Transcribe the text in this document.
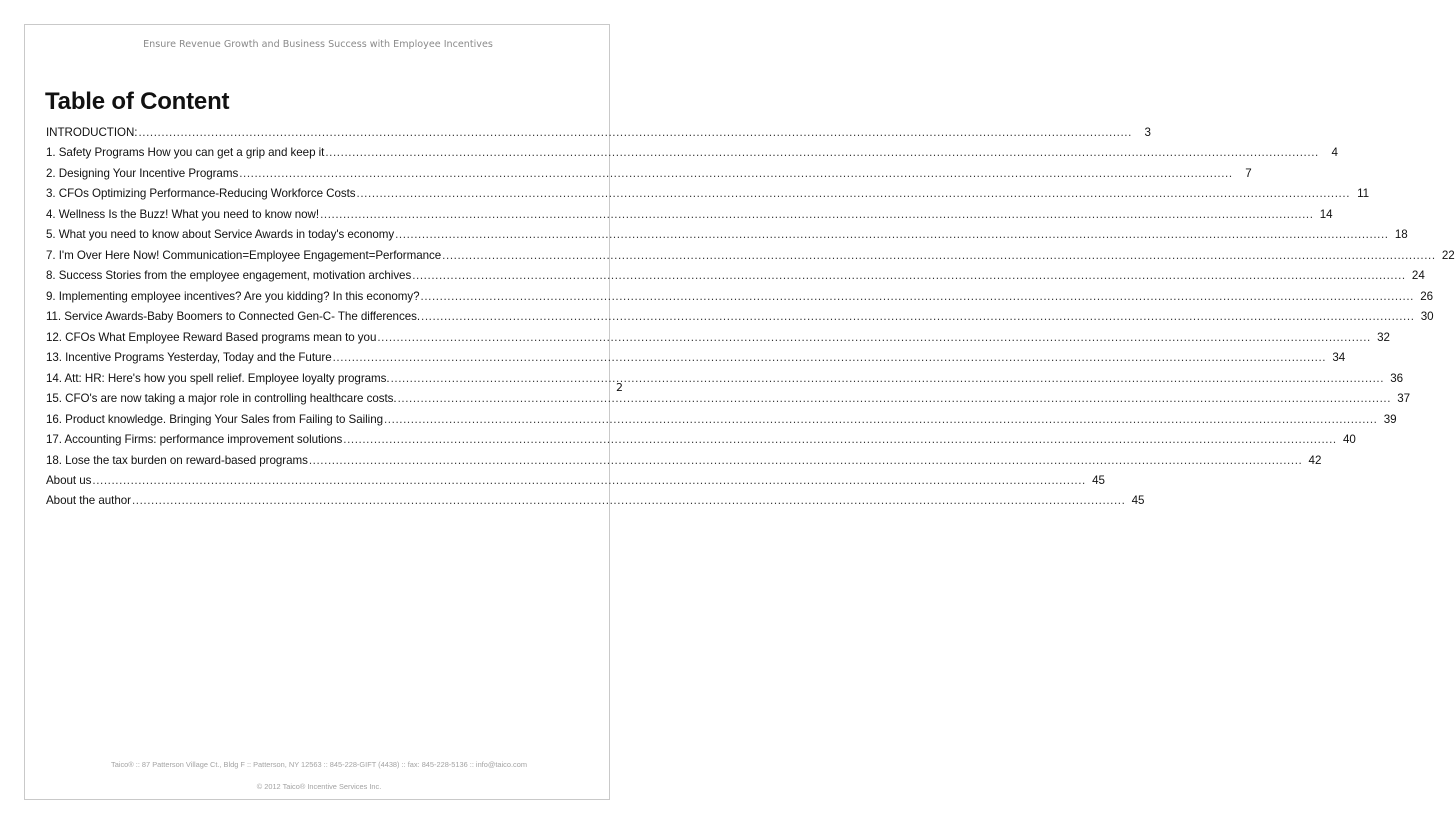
Ensure Revenue Growth and Business Success with Employee Incentives
Table of Content
INTRODUCTION: ....................................................................................................................................................................................................................................................................	3
1. Safety Programs How you can get a grip and keep it ....................................................................................................................................................................................................................................................................	4
2. Designing Your Incentive Programs ....................................................................................................................................................................................................................................................................	7
3. CFOs Optimizing Performance-Reducing Workforce Costs .................................................................................................................................................................................................................................................................... 11
4. Wellness Is the Buzz! What you need to know now! .................................................................................................................................................................................................................................................................... 14
5. What you need to know about Service Awards in today's economy .................................................................................................................................................................................................................................................................... 18
7. I'm Over Here Now! Communication=Employee Engagement=Performance .................................................................................................................................................................................................................................................................... 22
8. Success Stories from the employee engagement, motivation archives .................................................................................................................................................................................................................................................................... 24
9. Implementing employee incentives? Are you kidding? In this economy? .................................................................................................................................................................................................................................................................... 26
11. Service Awards-Baby Boomers to Connected Gen-C- The differences. .................................................................................................................................................................................................................................................................... 30
12. CFOs What Employee Reward Based programs mean to you .................................................................................................................................................................................................................................................................... 32
13. Incentive Programs Yesterday, Today and the Future .................................................................................................................................................................................................................................................................... 34
14. Att: HR: Here's how you spell relief. Employee loyalty programs. .................................................................................................................................................................................................................................................................... 36
15. CFO's are now taking a major role in controlling healthcare costs. .................................................................................................................................................................................................................................................................... 37
16. Product knowledge. Bringing Your Sales from Failing to Sailing .................................................................................................................................................................................................................................................................... 39
17. Accounting Firms: performance improvement solutions .................................................................................................................................................................................................................................................................... 40
18. Lose the tax burden on reward-based programs .................................................................................................................................................................................................................................................................... 42
About us .................................................................................................................................................................................................................................................................... 45
About the author .................................................................................................................................................................................................................................................................... 45
2
Taico® :: 87 Patterson Village Ct., Bldg F :: Patterson, NY 12563 :: 845-228-GIFT (4438) :: fax: 845-228-5136 :: info@taico.com
© 2012 Taico® Incentive Services Inc.
